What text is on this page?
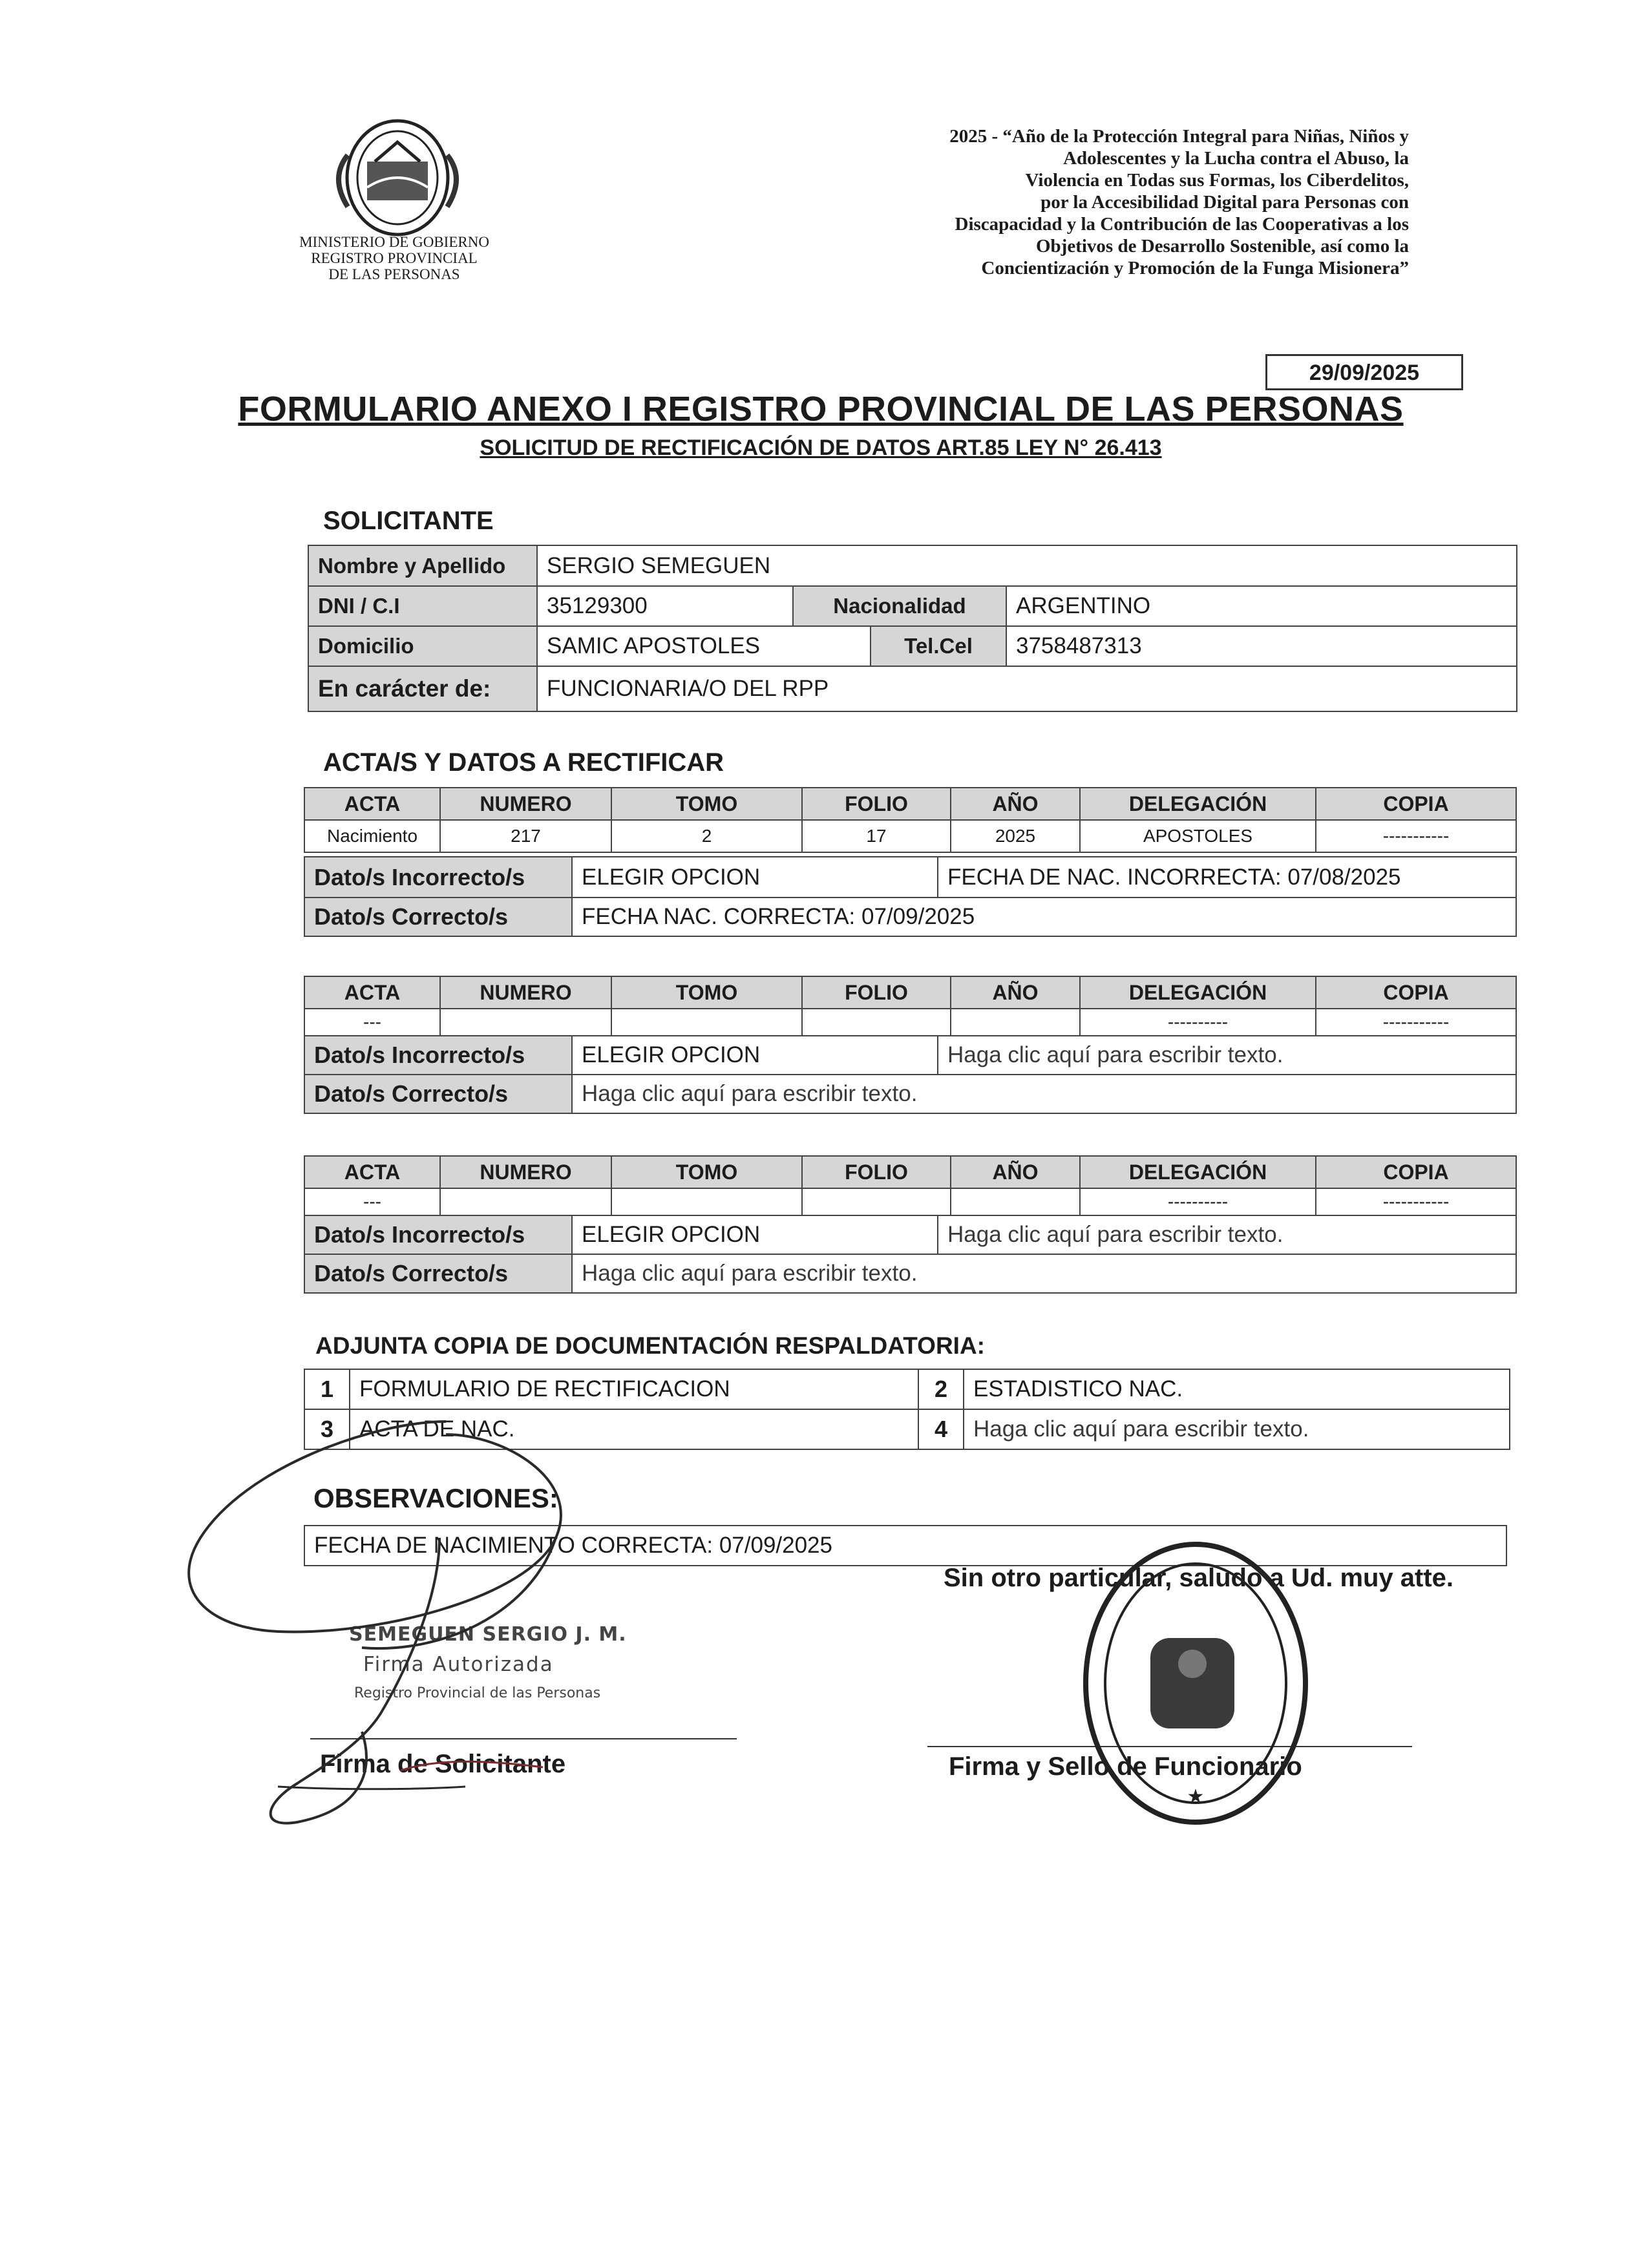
MINISTERIO DE GOBIERNO
REGISTRO PROVINCIAL
DE LAS PERSONAS
2025 - “Año de la Protección Integral para Niñas, Niños y
Adolescentes y la Lucha contra el Abuso, la
Violencia en Todas sus Formas, los Ciberdelitos,
por la Accesibilidad Digital para Personas con
Discapacidad y la Contribución de las Cooperativas a los
Objetivos de Desarrollo Sostenible, así como la
Concientización y Promoción de la Funga Misionera”
29/09/2025
FORMULARIO ANEXO I REGISTRO PROVINCIAL DE LAS PERSONAS
SOLICITUD DE RECTIFICACIÓN DE DATOS ART.85 LEY N° 26.413
SOLICITANTE
Nombre y Apellido	SERGIO SEMEGUEN			
DNI / C.I	35129300	Nacionalidad		ARGENTINO
Domicilio	SAMIC APOSTOLES		Tel.Cel	3758487313
En carácter de:	FUNCIONARIA/O DEL RPP			
ACTA/S Y DATOS A RECTIFICAR
ACTA	NUMERO	TOMO	FOLIO	AÑO	DELEGACIÓN	COPIA
Nacimiento	217	2	17	2025	APOSTOLES	-----------
Dato/s Incorrecto/s	ELEGIR OPCION	FECHA DE NAC. INCORRECTA: 07/08/2025
Dato/s Correcto/s	FECHA NAC. CORRECTA: 07/09/2025	
ACTA	NUMERO	TOMO	FOLIO	AÑO	DELEGACIÓN	COPIA
---					----------	-----------
Dato/s Incorrecto/s	ELEGIR OPCION	Haga clic aquí para escribir texto.
Dato/s Correcto/s	Haga clic aquí para escribir texto.	
ACTA	NUMERO	TOMO	FOLIO	AÑO	DELEGACIÓN	COPIA
---					----------	-----------
Dato/s Incorrecto/s	ELEGIR OPCION	Haga clic aquí para escribir texto.
Dato/s Correcto/s	Haga clic aquí para escribir texto.	
ADJUNTA COPIA DE DOCUMENTACIÓN RESPALDATORIA:
1	FORMULARIO DE RECTIFICACION	2	ESTADISTICO NAC.
3	ACTA DE NAC.	4	Haga clic aquí para escribir texto.
OBSERVACIONES:
FECHA DE NACIMIENTO CORRECTA: 07/09/2025
Sin otro particular, saludo a Ud. muy atte.
SEMEGUEN SERGIO J. M.
Firma Autorizada
Registro Provincial de las Personas
Firma de Solicitante	Firma y Sello de Funcionario
★
